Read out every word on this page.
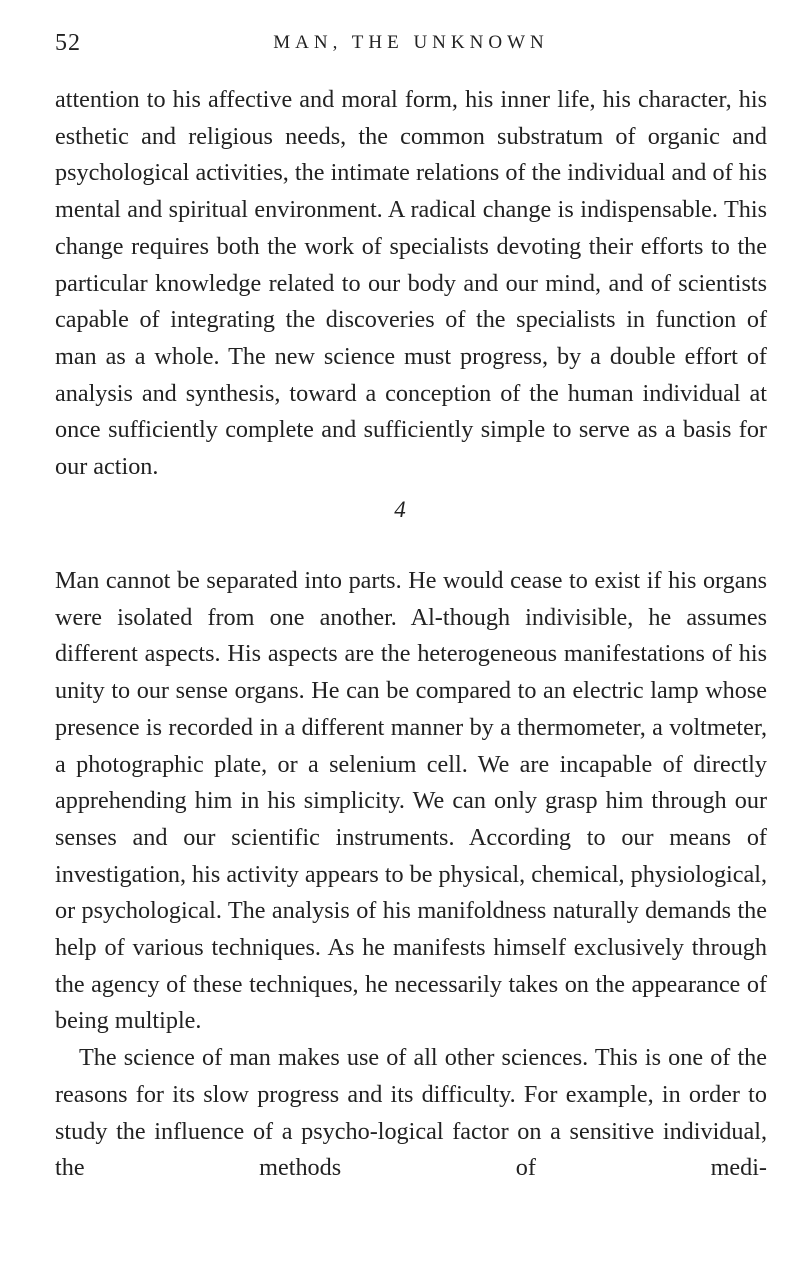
52	MAN, THE UNKNOWN

attention to his affective and moral form, his inner life, his character, his esthetic and religious needs, the common substratum of organic and psychological activities, the intimate relations of the individual and of his mental and spiritual environment. A radical change is indispensable. This change requires both the work of specialists devoting their efforts to the particular knowledge related to our body and our mind, and of scientists capable of integrating the discoveries of the specialists in function of man as a whole. The new science must progress, by a double effort of analysis and synthesis, toward a conception of the human individual at once sufficiently complete and sufficiently simple to serve as a basis for our action.

4

Man cannot be separated into parts. He would cease to exist if his organs were isolated from one another. Al-though indivisible, he assumes different aspects. His aspects are the heterogeneous manifestations of his unity to our sense organs. He can be compared to an electric lamp whose presence is recorded in a different manner by a thermometer, a voltmeter, a photographic plate, or a selenium cell. We are incapable of directly apprehending him in his simplicity. We can only grasp him through our senses and our scientific instruments. According to our means of investigation, his activity appears to be physical, chemical, physiological, or psychological. The analysis of his manifoldness naturally demands the help of various techniques. As he manifests himself exclusively through the agency of these techniques, he necessarily takes on the appearance of being multiple.

The science of man makes use of all other sciences. This is one of the reasons for its slow progress and its difficulty. For example, in order to study the influence of a psycho-logical factor on a sensitive individual, the methods of medi-
